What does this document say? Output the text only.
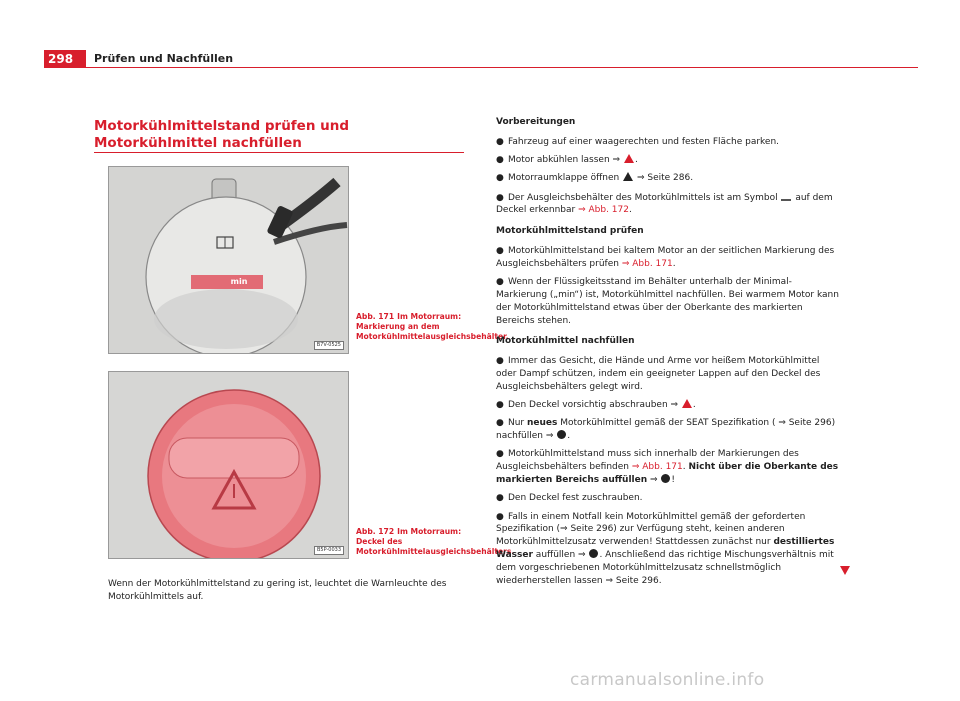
298	Prüfen und Nachfüllen
Motorkühlmittelstand prüfen und Motorkühlmittel nachfüllen
min
B7V-0525
Abb. 171 Im Motorraum: Markierung an dem Motorkühlmittelausgleichsbehälter.
B5P-0033
Abb. 172 Im Motorraum: Deckel des Motorkühlmittelausgleichsbehälters.
Wenn der Motorkühlmittelstand zu gering ist, leuchtet die Warnleuchte des Motorkühlmittels auf.
Vorbereitungen
● Fahrzeug auf einer waagerechten und festen Fläche parken.
● Motor abkühlen lassen ⇒ .
● Motorraumklappe öffnen  ⇒ Seite 286.
● Der Ausgleichsbehälter des Motorkühlmittels ist am Symbol  auf dem Deckel erkennbar ⇒ Abb. 172.
Motorkühlmittelstand prüfen
● Motorkühlmittelstand bei kaltem Motor an der seitlichen Markierung des Ausgleichsbehälters prüfen ⇒ Abb. 171.
● Wenn der Flüssigkeitsstand im Behälter unterhalb der Minimal-Markierung („min“) ist, Motorkühlmittel nachfüllen. Bei warmem Motor kann der Motorkühlmittelstand etwas über der Oberkante des markierten Bereichs stehen.
Motorkühlmittel nachfüllen
● Immer das Gesicht, die Hände und Arme vor heißem Motorkühlmittel oder Dampf schützen, indem ein geeigneter Lappen auf den Deckel des Ausgleichsbehälters gelegt wird.
● Den Deckel vorsichtig abschrauben ⇒ .
● Nur neues Motorkühlmittel gemäß der SEAT Spezifikation ( ⇒ Seite 296) nachfüllen ⇒ .
● Motorkühlmittelstand muss sich innerhalb der Markierungen des Ausgleichsbehälters befinden ⇒ Abb. 171. Nicht über die Oberkante des markierten Bereichs auffüllen ⇒ !
● Den Deckel fest zuschrauben.
● Falls in einem Notfall kein Motorkühlmittel gemäß der geforderten Spezifikation (⇒ Seite 296) zur Verfügung steht, keinen anderen Motorkühlmittelzusatz verwenden! Stattdessen zunächst nur destilliertes Wasser auffüllen ⇒ . Anschließend das richtige Mischungsverhältnis mit dem vorgeschriebenen Motorkühlmittelzusatz schnellstmöglich wiederherstellen lassen ⇒ Seite 296.
carmanualsonline.info
